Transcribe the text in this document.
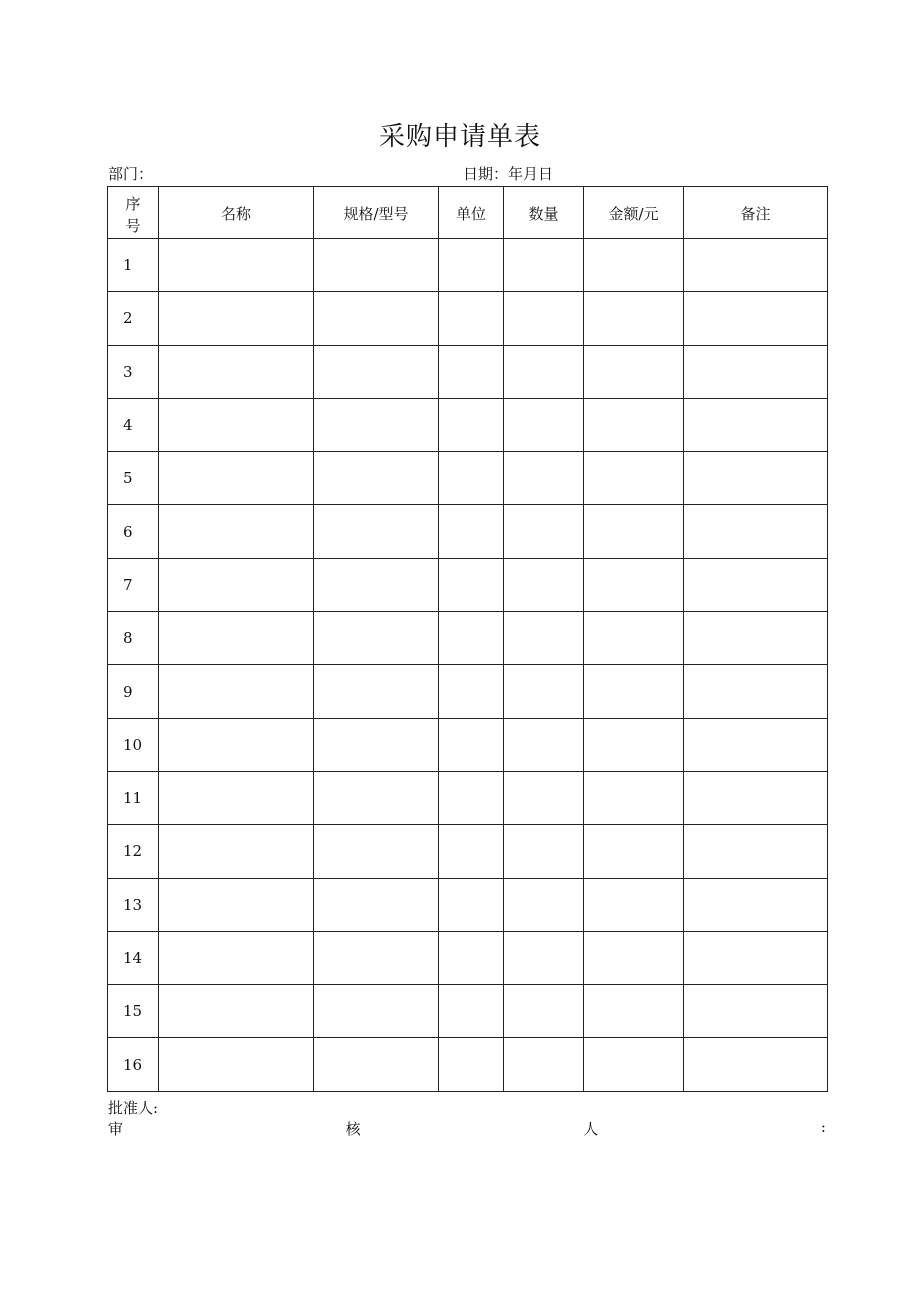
采购申请单表
部门：	日期：年月日
序
号	名称	规格/型号	单位	数量	金额/元	备注
1						
2						
3						
4						
5						
6						
7						
8						
9						
10						
11						
12						
13						
14						
15						
16						
批准人:
审	核	人	:
